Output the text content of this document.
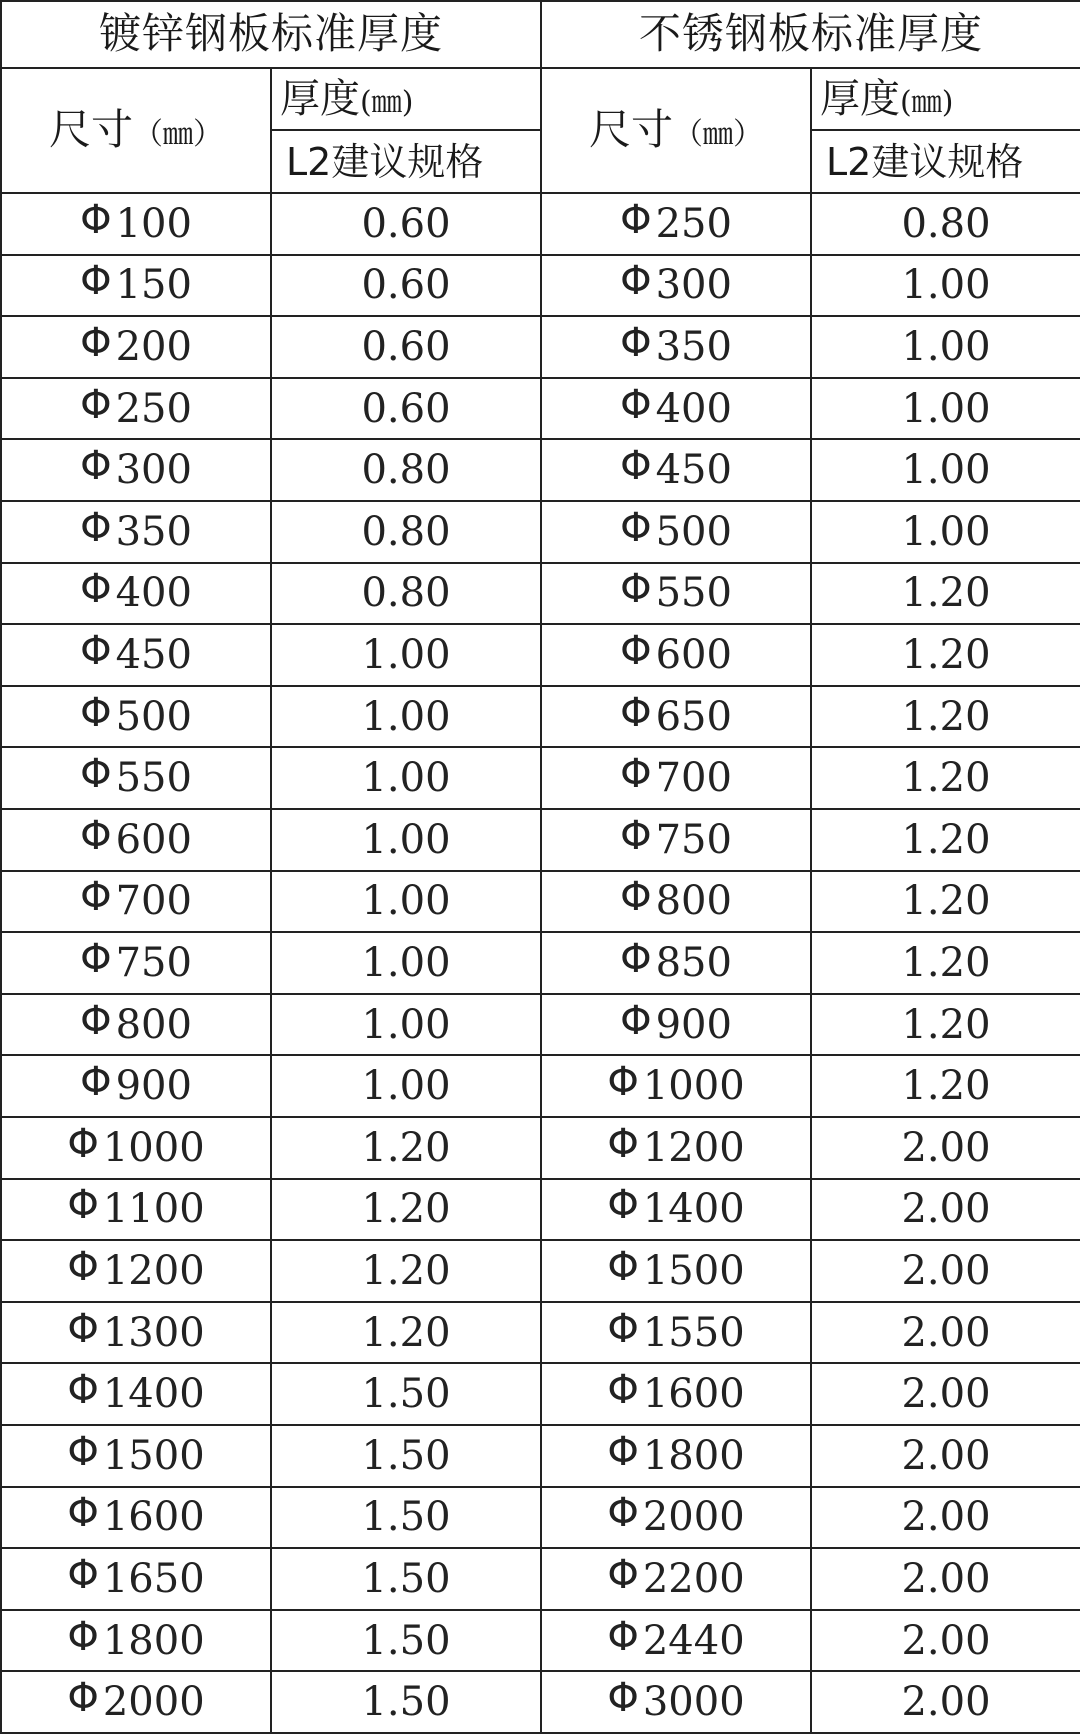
镀锌钢板标准厚度		不锈钢板标准厚度	
尺寸（㎜）	厚度(㎜)	尺寸（㎜）	厚度(㎜)
	L2建议规格		L2建议规格
Φ 100	0.60	Φ 250	0.80
Φ 150	0.60	Φ 300	1.00
Φ 200	0.60	Φ 350	1.00
Φ 250	0.60	Φ 400	1.00
Φ 300	0.80	Φ 450	1.00
Φ 350	0.80	Φ 500	1.00
Φ 400	0.80	Φ 550	1.20
Φ 450	1.00	Φ 600	1.20
Φ 500	1.00	Φ 650	1.20
Φ 550	1.00	Φ 700	1.20
Φ 600	1.00	Φ 750	1.20
Φ 700	1.00	Φ 800	1.20
Φ 750	1.00	Φ 850	1.20
Φ 800	1.00	Φ 900	1.20
Φ 900	1.00	Φ 1000	1.20
Φ 1000	1.20	Φ 1200	2.00
Φ 1100	1.20	Φ 1400	2.00
Φ 1200	1.20	Φ 1500	2.00
Φ 1300	1.20	Φ 1550	2.00
Φ 1400	1.50	Φ 1600	2.00
Φ 1500	1.50	Φ 1800	2.00
Φ 1600	1.50	Φ 2000	2.00
Φ 1650	1.50	Φ 2200	2.00
Φ 1800	1.50	Φ 2440	2.00
Φ 2000	1.50	Φ 3000	2.00
